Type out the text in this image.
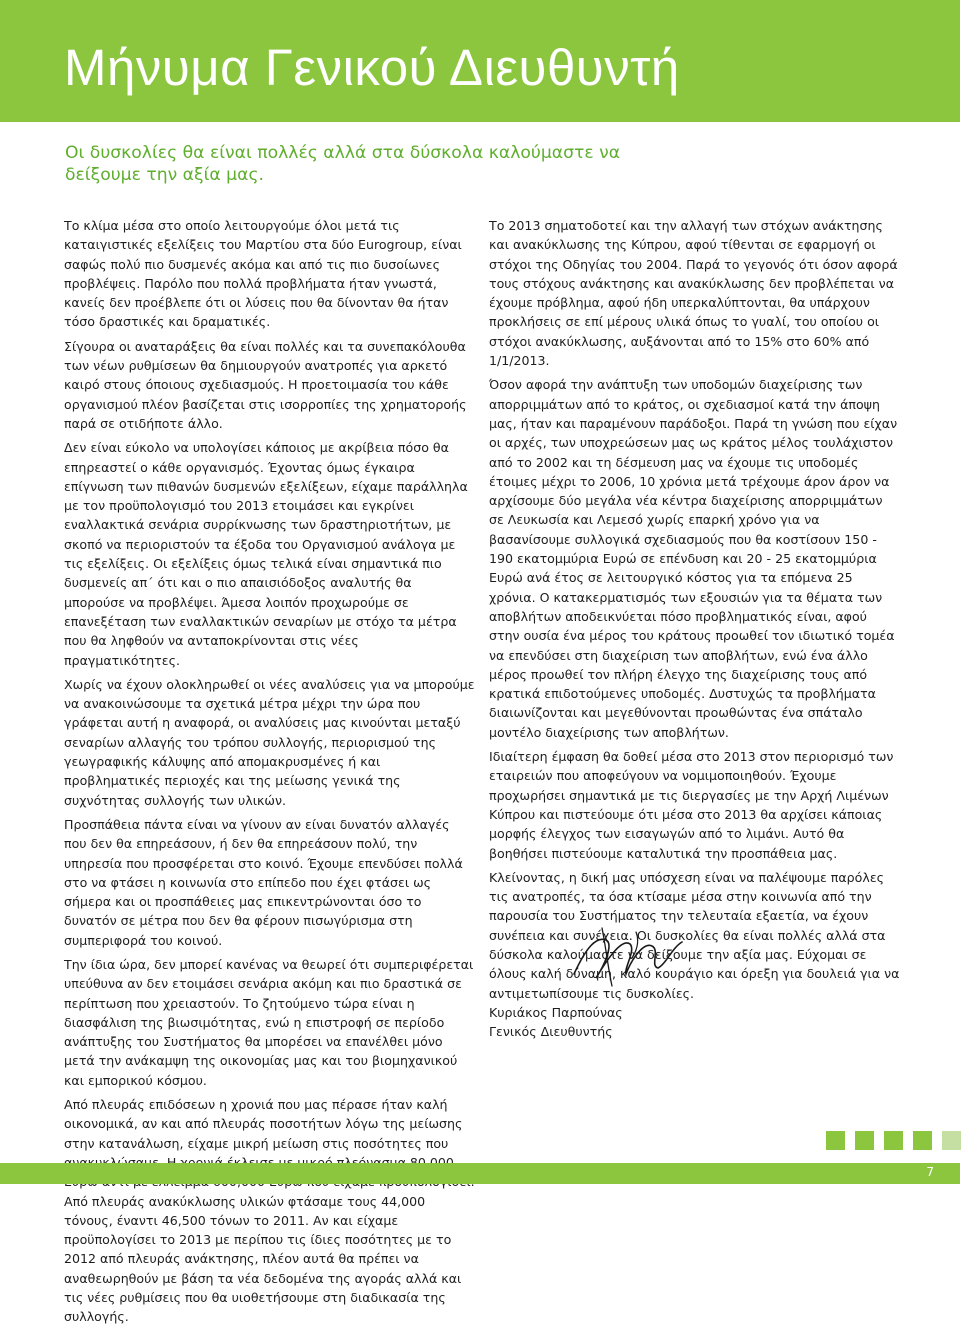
Μήνυμα Γενικού Διευθυντή
Οι δυσκολίες θα είναι πολλές αλλά στα δύσκολα καλούμαστε να δείξουμε την αξία μας.

Το κλίμα μέσα στο οποίο λειτουργούμε όλοι μετά τις καταιγιστικές εξελίξεις του Μαρτίου στα δύο Eurogroup, είναι σαφώς πολύ πιο δυσμενές ακόμα και από τις πιο δυσοίωνες προβλέψεις. Παρόλο που πολλά προβλήματα ήταν γνωστά, κανείς δεν προέβλεπε ότι οι λύσεις που θα δίνονταν θα ήταν τόσο δραστικές και δραματικές.

Σίγουρα οι αναταράξεις θα είναι πολλές και τα συνεπακόλουθα των νέων ρυθμίσεων θα δημιουργούν ανατροπές για αρκετό καιρό στους όποιους σχεδιασμούς. Η προετοιμασία του κάθε οργανισμού πλέον βασίζεται στις ισορροπίες της χρηματοροής παρά σε οτιδήποτε άλλο.

Δεν είναι εύκολο να υπολογίσει κάποιος με ακρίβεια πόσο θα επηρεαστεί ο κάθε οργανισμός. Έχοντας όμως έγκαιρα επίγνωση των πιθανών δυσμενών εξελίξεων, είχαμε παράλληλα με τον προϋπολογισμό του 2013 ετοιμάσει και εγκρίνει εναλλακτικά σενάρια συρρίκνωσης των δραστηριοτήτων, με σκοπό να περιοριστούν τα έξοδα του Οργανισμού ανάλογα με τις εξελίξεις. Οι εξελίξεις όμως τελικά είναι σημαντικά πιο δυσμενείς απ΄ ότι και ο πιο απαισιόδοξος αναλυτής θα μπορούσε να προβλέψει. Άμεσα λοιπόν προχωρούμε σε επανεξέταση των εναλλακτικών σεναρίων με στόχο τα μέτρα που θα ληφθούν να ανταποκρίνονται στις νέες πραγματικότητες.

Χωρίς να έχουν ολοκληρωθεί οι νέες αναλύσεις για να μπορούμε να ανακοινώσουμε τα σχετικά μέτρα μέχρι την ώρα που γράφεται αυτή η αναφορά, οι αναλύσεις μας κινούνται μεταξύ σεναρίων αλλαγής του τρόπου συλλογής, περιορισμού της γεωγραφικής κάλυψης από απομακρυσμένες ή και προβληματικές περιοχές και της μείωσης γενικά της συχνότητας συλλογής των υλικών.

Προσπάθεια πάντα είναι να γίνουν αν είναι δυνατόν αλλαγές που δεν θα επηρεάσουν, ή δεν θα επηρεάσουν πολύ, την υπηρεσία που προσφέρεται στο κοινό. Έχουμε επενδύσει πολλά στο να φτάσει η κοινωνία στο επίπεδο που έχει φτάσει ως σήμερα και οι προσπάθειες μας επικεντρώνονται όσο το δυνατόν σε μέτρα που δεν θα φέρουν πισωγύρισμα στη συμπεριφορά του κοινού.

Την ίδια ώρα, δεν μπορεί κανένας να θεωρεί ότι συμπεριφέρεται υπεύθυνα αν δεν ετοιμάσει σενάρια ακόμη και πιο δραστικά σε περίπτωση που χρειαστούν. Το ζητούμενο τώρα είναι η διασφάλιση της βιωσιμότητας, ενώ η επιστροφή σε περίοδο ανάπτυξης του Συστήματος θα μπορέσει να επανέλθει μόνο μετά την ανάκαμψη της οικονομίας μας και του βιομηχανικού και εμπορικού κόσμου.

Από πλευράς επιδόσεων η χρονιά που μας πέρασε ήταν καλή οικονομικά, αν και από πλευράς ποσοτήτων λόγω της μείωσης στην κατανάλωση, είχαμε μικρή μείωση στις ποσότητες που Από πλευράς ανακύκλωσης υλικών φτάσαμε τους 44,000 τόνους, έναντι 46,500 τόνων το 2011. Αν και είχαμε προϋπολογίσει το 2013 με περίπου τις ίδιες ποσότητες με το 2012 από πλευράς ανάκτησης, πλέον αυτά θα πρέπει να αναθεωρηθούν με βάση τα νέα δεδομένα της αγοράς αλλά και τις νέες ρυθμίσεις που θα υιοθετήσουμε στη διαδικασία της συλλογής.

Το 2013 σηματοδοτεί και την αλλαγή των στόχων ανάκτησης και ανακύκλωσης της Κύπρου, αφού τίθενται σε εφαρμογή οι στόχοι της Οδηγίας του 2004. Παρά το γεγονός ότι όσον αφορά τους στόχους ανάκτησης και ανακύκλωσης δεν προβλέπεται να έχουμε πρόβλημα, αφού ήδη υπερκαλύπτονται, θα υπάρχουν προκλήσεις σε επί μέρους υλικά όπως το γυαλί, του οποίου οι στόχοι ανακύκλωσης, αυξάνονται από το 15% στο 60% από 1/1/2013.

Όσον αφορά την ανάπτυξη των υποδομών διαχείρισης των απορριμμάτων από το κράτος, οι σχεδιασμοί κατά την άποψη μας, ήταν και παραμένουν παράδοξοι. Παρά τη γνώση που είχαν οι αρχές, των υποχρεώσεων μας ως κράτος μέλος τουλάχιστον από το 2002 και τη δέσμευση μας να έχουμε τις υποδομές έτοιμες μέχρι το 2006, 10 χρόνια μετά τρέχουμε άρον άρον να αρχίσουμε δύο μεγάλα νέα κέντρα διαχείρισης απορριμμάτων σε Λευκωσία και Λεμεσό χωρίς επαρκή χρόνο για να βασανίσουμε συλλογικά σχεδιασμούς που θα κοστίσουν 150 - 190 εκατομμύρια Ευρώ σε επένδυση και 20 - 25 εκατομμύρια Ευρώ ανά έτος σε λειτουργικό κόστος για τα επόμενα 25 χρόνια. Ο κατακερματισμός των εξουσιών για τα θέματα των αποβλήτων αποδεικνύεται πόσο προβληματικός είναι, αφού στην ουσία ένα μέρος του κράτους προωθεί τον ιδιωτικό τομέα να επενδύσει στη διαχείριση των αποβλήτων, ενώ ένα άλλο μέρος προωθεί τον πλήρη έλεγχο της διαχείρισης τους από κρατικά επιδοτούμενες υποδομές. Δυστυχώς τα προβλήματα διαιωνίζονται και μεγεθύνονται προωθώντας ένα σπάταλο μοντέλο διαχείρισης των αποβλήτων.

Ιδιαίτερη έμφαση θα δοθεί μέσα στο 2013 στον περιορισμό των εταιρειών που αποφεύγουν να νομιμοποιηθούν. Έχουμε προχωρήσει σημαντικά με τις διεργασίες με την Αρχή Λιμένων Κύπρου και πιστεύουμε ότι μέσα στο 2013 θα αρχίσει κάποιας μορφής έλεγχος των εισαγωγών από το λιμάνι. Αυτό θα βοηθήσει πιστεύουμε καταλυτικά την προσπάθεια μας.

Κλείνοντας, η δική μας υπόσχεση είναι να παλέψουμε παρόλες τις ανατροπές, τα όσα κτίσαμε μέσα στην κοινωνία από την παρουσία του Συστήματος την τελευταία εξαετία, να έχουν συνέπεια και συνέχεια. Οι δυσκολίες θα είναι πολλές αλλά στα δύσκολα καλούμαστε να δείξουμε την αξία μας. Εύχομαι σε όλους καλή δύναμη, καλό κουράγιο και όρεξη για δουλειά για να αντιμετωπίσουμε τις δυσκολίες.

Κυριάκος Παρπούνας
Γενικός Διευθυντής
7
